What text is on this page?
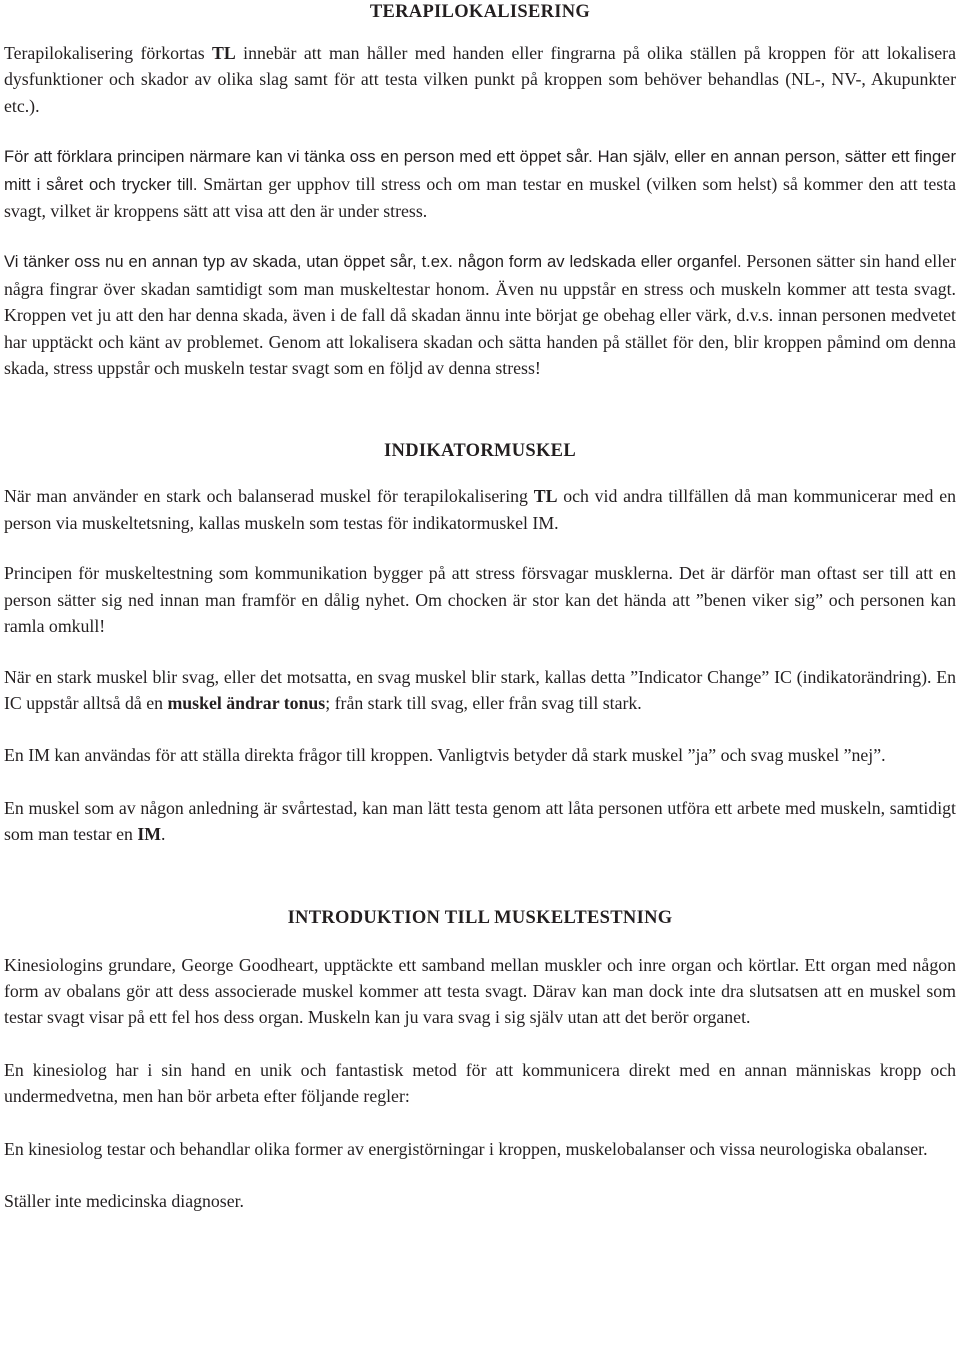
TERAPILOKALISERING

Terapilokalisering förkortas TL innebär att man håller med handen eller fingrarna på olika ställen på kroppen för att lokalisera dysfunktioner och skador av olika slag samt för att testa vilken punkt på kroppen som behöver behandlas (NL-, NV-, Akupunkter etc.).

För att förklara principen närmare kan vi tänka oss en person med ett öppet sår. Han själv, eller en annan person, sätter ett finger mitt i såret och trycker till. Smärtan ger upphov till stress och om man testar en muskel (vilken som helst) så kommer den att testa svagt, vilket är kroppens sätt att visa att den är under stress.

Vi tänker oss nu en annan typ av skada, utan öppet sår, t.ex. någon form av ledskada eller organfel. Personen sätter sin hand eller några fingrar över skadan samtidigt som man muskeltestar honom. Även nu uppstår en stress och muskeln kommer att testa svagt. Kroppen vet ju att den har denna skada, även i de fall då skadan ännu inte börjat ge obehag eller värk, d.v.s. innan personen medvetet har upptäckt och känt av problemet. Genom att lokalisera skadan och sätta handen på stället för den, blir kroppen påmind om denna skada, stress uppstår och muskeln testar svagt som en följd av denna stress!

INDIKATORMUSKEL

När man använder en stark och balanserad muskel för terapilokalisering TL och vid andra tillfällen då man kommunicerar med en person via muskeltetsning, kallas muskeln som testas för indikatormuskel IM.

Principen för muskeltestning som kommunikation bygger på att stress försvagar musklerna. Det är därför man oftast ser till att en person sätter sig ned innan man framför en dålig nyhet. Om chocken är stor kan det hända att ”benen viker sig” och personen kan ramla omkull!

När en stark muskel blir svag, eller det motsatta, en svag muskel blir stark, kallas detta ”Indicator Change” IC (indikatorändring). En IC uppstår alltså då en muskel ändrar tonus; från stark till svag, eller från svag till stark.

En IM kan användas för att ställa direkta frågor till kroppen. Vanligtvis betyder då stark muskel ”ja” och svag muskel ”nej”.

En muskel som av någon anledning är svårtestad, kan man lätt testa genom att låta personen utföra ett arbete med muskeln, samtidigt som man testar en IM.

INTRODUKTION TILL MUSKELTESTNING

Kinesiologins grundare, George Goodheart, upptäckte ett samband mellan muskler och inre organ och körtlar. Ett organ med någon form av obalans gör att dess associerade muskel kommer att testa svagt. Därav kan man dock inte dra slutsatsen att en muskel som testar svagt visar på ett fel hos dess organ. Muskeln kan ju vara svag i sig själv utan att det berör organet.

En kinesiolog har i sin hand en unik och fantastisk metod för att kommunicera direkt med en annan människas kropp och undermedvetna, men han bör arbeta efter följande regler:

En kinesiolog testar och behandlar olika former av energistörningar i kroppen, muskelobalanser och vissa neurologiska obalanser.

Ställer inte medicinska diagnoser.
